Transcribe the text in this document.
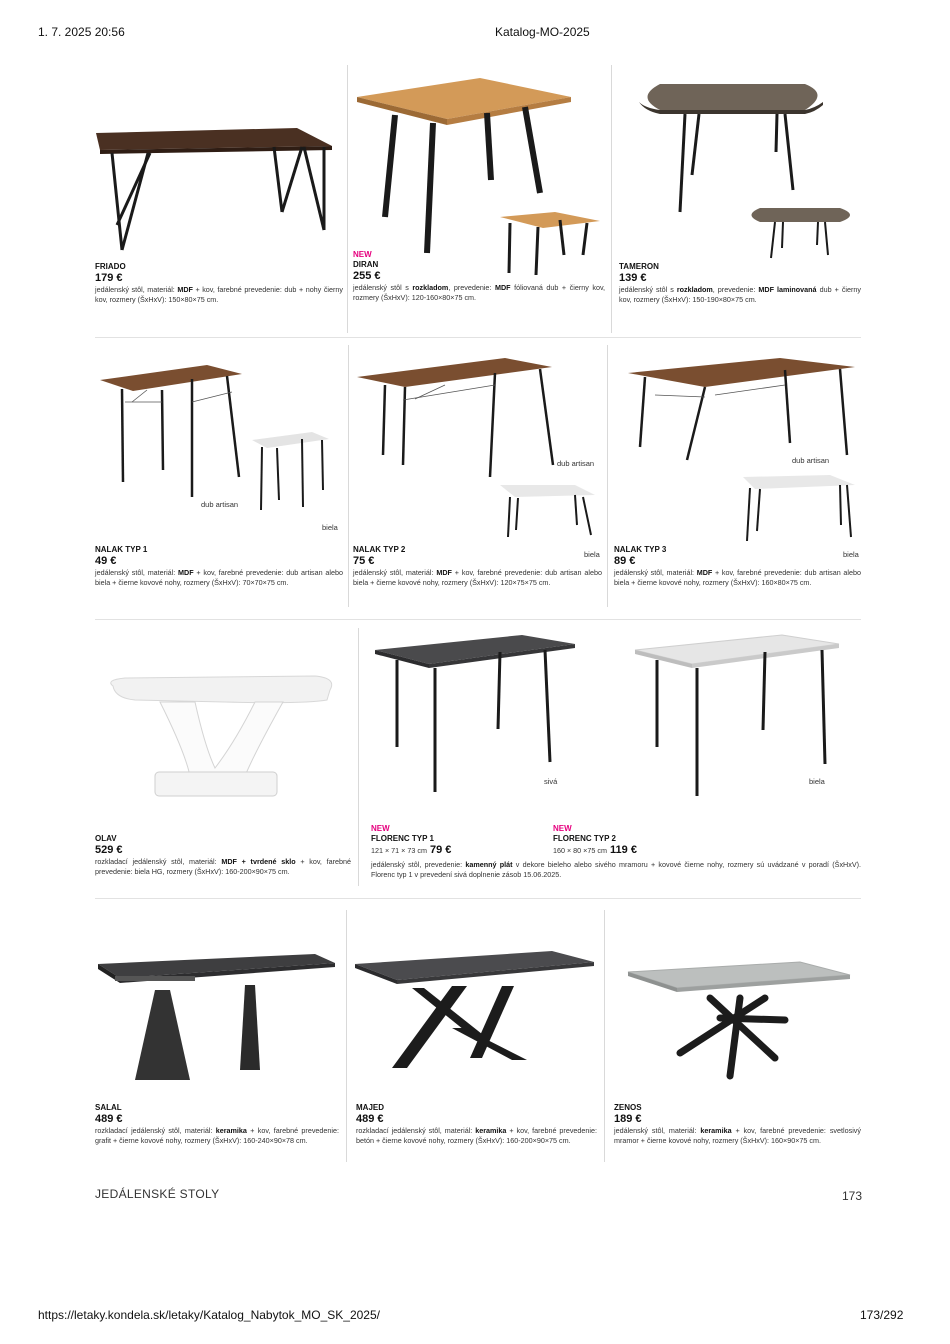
1. 7. 2025 20:56	Katalog-MO-2025
dub artisan
biela
dub artisan
biela
dub artisan
biela
sivá	biela
FRIADO
179 €
jedálenský stôl, materiál: MDF + kov, farebné prevedenie: dub + nohy čierny kov, rozmery (ŠxHxV): 150×80×75 cm.
NEW
DIRAN
255 €
jedálenský stôl s rozkladom, prevedenie: MDF fóliovaná dub + čierny kov, rozmery (ŠxHxV): 120-160×80×75 cm.
TAMERON
139 €
jedálenský stôl s rozkladom, prevedenie: MDF laminovaná dub + čierny kov, rozmery (ŠxHxV): 150-190×80×75 cm.
NALAK TYP 1
49 €
jedálenský stôl, materiál: MDF + kov, farebné prevedenie: dub artisan alebo biela + čierne kovové nohy, rozmery (ŠxHxV): 70×70×75 cm.
NALAK TYP 2
75 €
jedálenský stôl, materiál: MDF + kov, farebné prevedenie: dub artisan alebo biela + čierne kovové nohy, rozmery (ŠxHxV): 120×75×75 cm.
NALAK TYP 3
89 €
jedálenský stôl, materiál: MDF + kov, farebné prevedenie: dub artisan alebo biela + čierne kovové nohy, rozmery (ŠxHxV): 160×80×75 cm.
OLAV
529 €
rozkladací jedálenský stôl, materiál: MDF + tvrdené sklo + kov, farebné prevedenie: biela HG, rozmery (ŠxHxV): 160-200×90×75 cm.
NEW
FLORENC TYP 1
121 × 71 × 73 cm 79 €
NEW
FLORENC TYP 2
160 × 80 ×75 cm 119 €
jedálenský stôl, prevedenie: kamenný plát v dekore bieleho alebo sivého mramoru + kovové čierne nohy, rozmery sú uvádzané v poradí (ŠxHxV). Florenc typ 1 v prevedení sivá doplnenie zásob 15.06.2025.
SALAL
489 €
rozkladací jedálenský stôl, materiál: keramika + kov, farebné prevedenie: grafit + čierne kovové nohy, rozmery (ŠxHxV): 160-240×90×78 cm.
MAJED
489 €
rozkladací jedálenský stôl, materiál: keramika + kov, farebné prevedenie: betón + čierne kovové nohy, rozmery (ŠxHxV): 160-200×90×75 cm.
ZENOS
189 €
jedálenský stôl, materiál: keramika + kov, farebné prevedenie: svetlosivý mramor + čierne kovové nohy, rozmery (ŠxHxV): 160×90×75 cm.
JEDÁLENSKÉ STOLY	173
https://letaky.kondela.sk/letaky/Katalog_Nabytok_MO_SK_2025/	173/292
